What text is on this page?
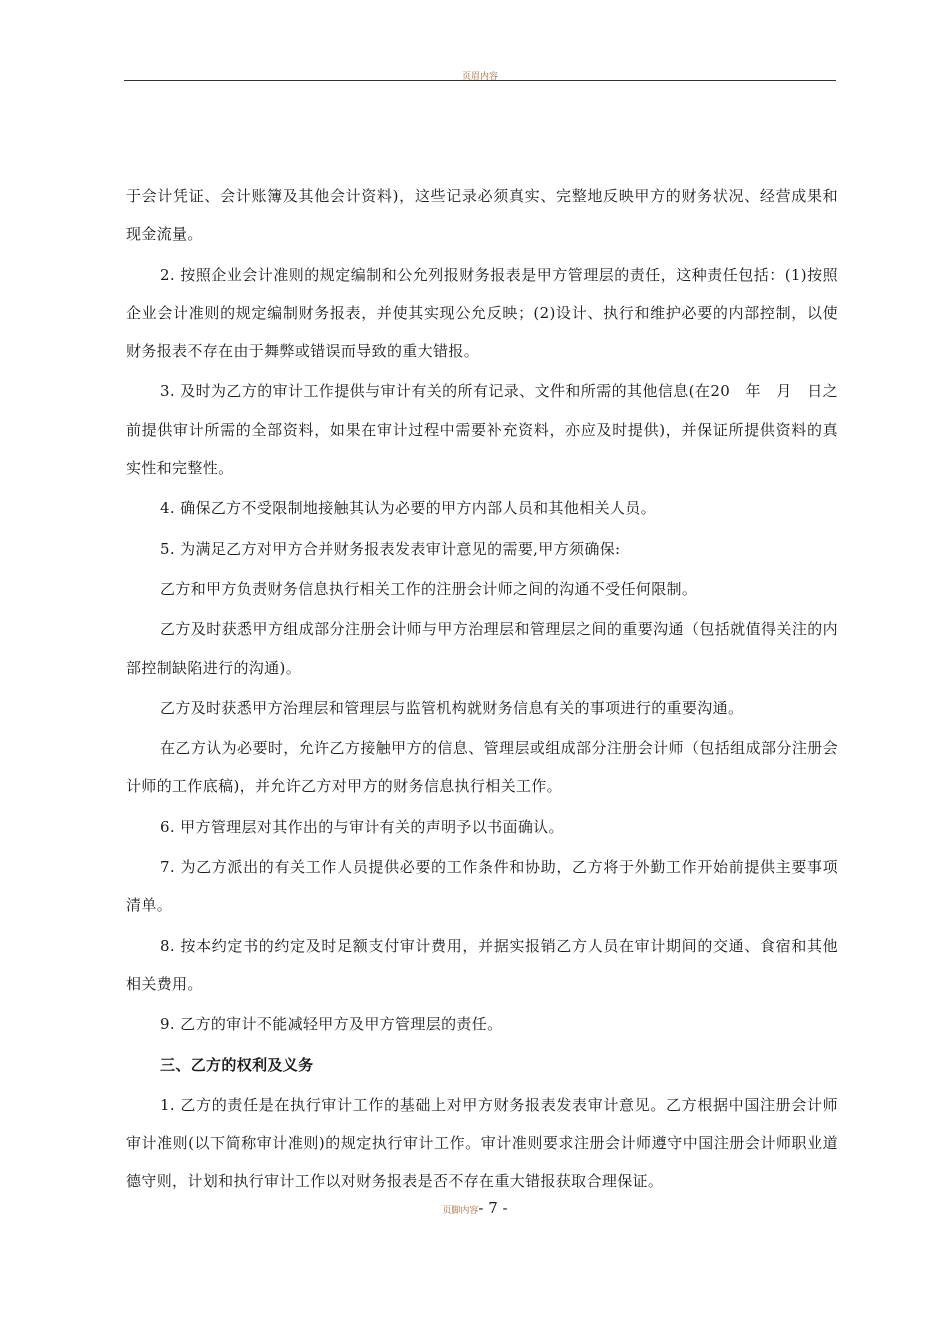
页眉内容

于会计凭证、会计账簿及其他会计资料)，这些记录必须真实、完整地反映甲方的财务状况、经营成果和现金流量。

2. 按照企业会计准则的规定编制和公允列报财务报表是甲方管理层的责任，这种责任包括：(1)按照企业会计准则的规定编制财务报表，并使其实现公允反映；(2)设计、执行和维护必要的内部控制，以使财务报表不存在由于舞弊或错误而导致的重大错报。

3. 及时为乙方的审计工作提供与审计有关的所有记录、文件和所需的其他信息(在20　年　月　日之前提供审计所需的全部资料，如果在审计过程中需要补充资料，亦应及时提供)，并保证所提供资料的真实性和完整性。

4. 确保乙方不受限制地接触其认为必要的甲方内部人员和其他相关人员。

5. 为满足乙方对甲方合并财务报表发表审计意见的需要,甲方须确保:

乙方和甲方负责财务信息执行相关工作的注册会计师之间的沟通不受任何限制。

乙方及时获悉甲方组成部分注册会计师与甲方治理层和管理层之间的重要沟通（包括就值得关注的内部控制缺陷进行的沟通)。

乙方及时获悉甲方治理层和管理层与监管机构就财务信息有关的事项进行的重要沟通。

在乙方认为必要时，允许乙方接触甲方的信息、管理层或组成部分注册会计师（包括组成部分注册会计师的工作底稿)，并允许乙方对甲方的财务信息执行相关工作。

6. 甲方管理层对其作出的与审计有关的声明予以书面确认。

7. 为乙方派出的有关工作人员提供必要的工作条件和协助，乙方将于外勤工作开始前提供主要事项清单。

8. 按本约定书的约定及时足额支付审计费用，并据实报销乙方人员在审计期间的交通、食宿和其他相关费用。

9. 乙方的审计不能减轻甲方及甲方管理层的责任。

三、乙方的权利及义务

1. 乙方的责任是在执行审计工作的基础上对甲方财务报表发表审计意见。乙方根据中国注册会计师审计准则(以下简称审计准则)的规定执行审计工作。审计准则要求注册会计师遵守中国注册会计师职业道德守则，计划和执行审计工作以对财务报表是否不存在重大错报获取合理保证。

页脚内容- 7 -
